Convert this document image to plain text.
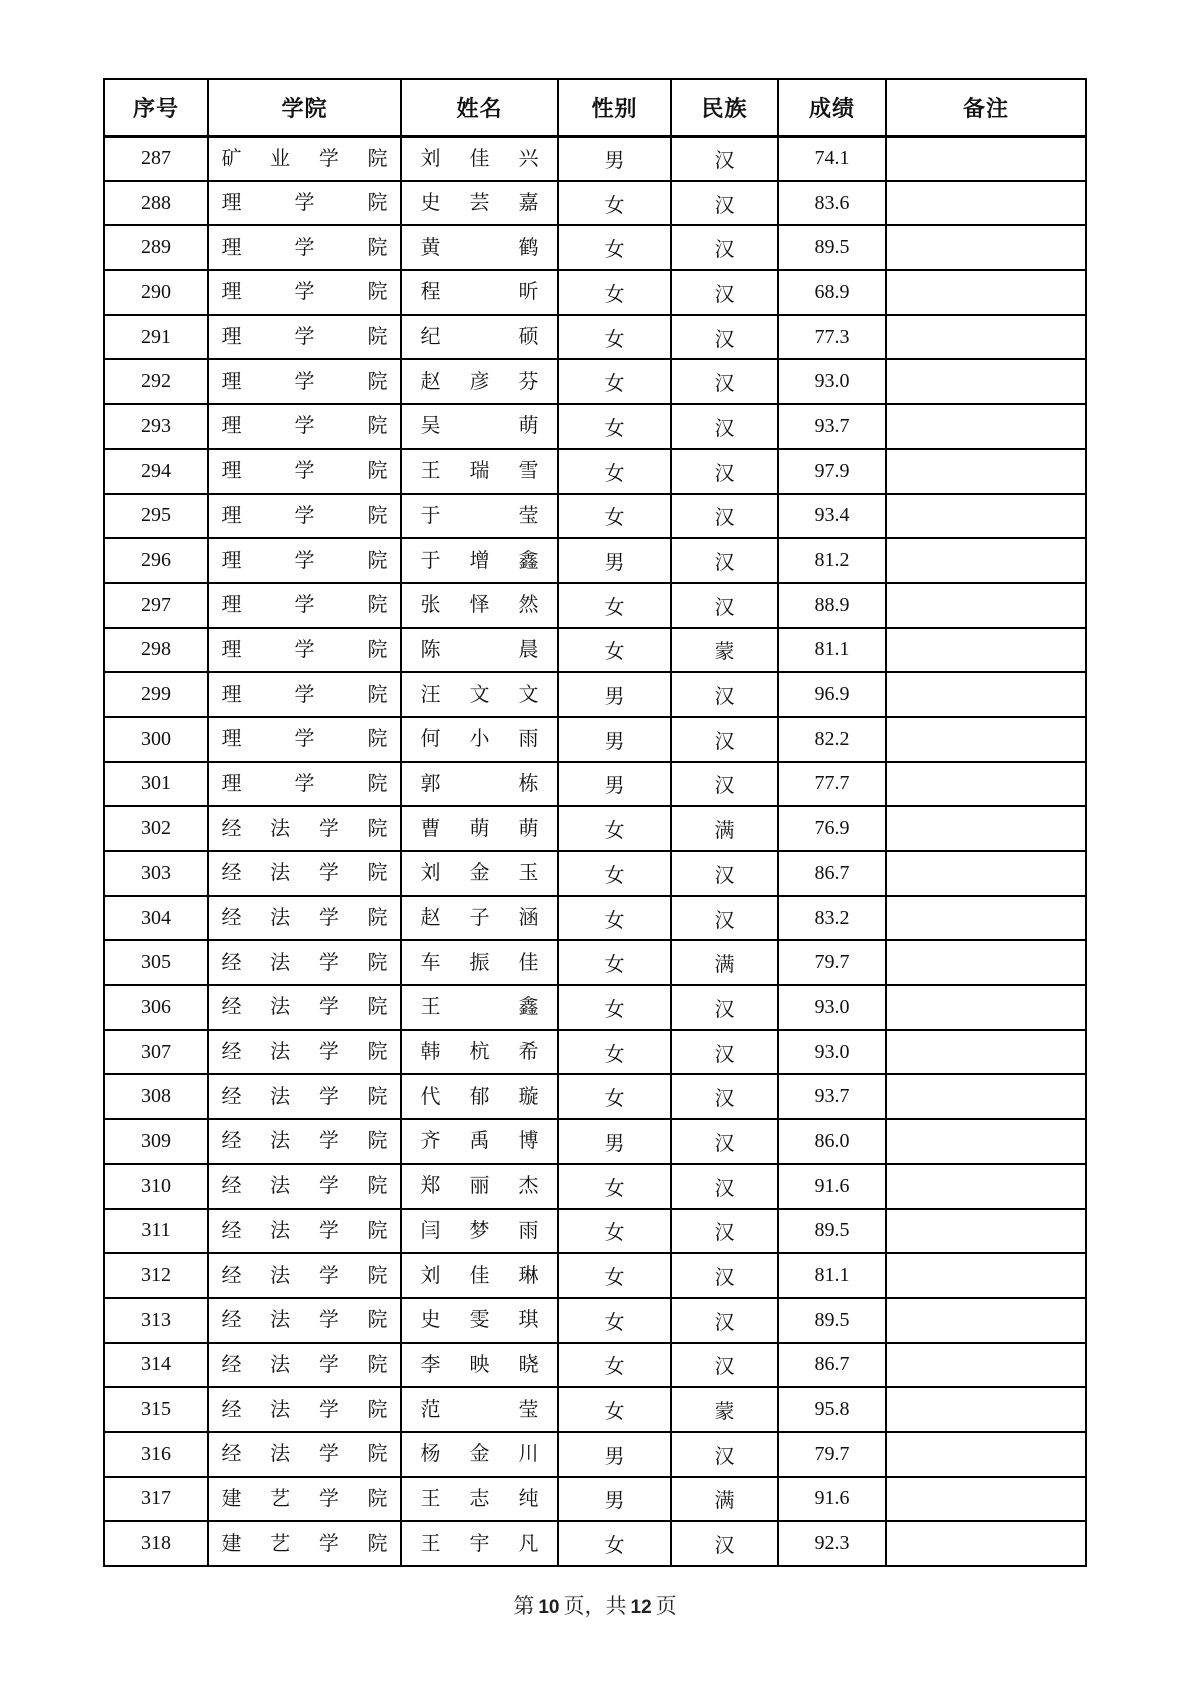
序号	学院	姓名	性别	民族	成绩	备注
287	矿 业 学 院	刘 佳 兴	男	汉	74.1	
288	理 学 院	史 芸 嘉	女	汉	83.6	
289	理 学 院	黄 鹤	女	汉	89.5	
290	理 学 院	程 昕	女	汉	68.9	
291	理 学 院	纪 硕	女	汉	77.3	
292	理 学 院	赵 彦 芬	女	汉	93.0	
293	理 学 院	吴 萌	女	汉	93.7	
294	理 学 院	王 瑞 雪	女	汉	97.9	
295	理 学 院	于 莹	女	汉	93.4	
296	理 学 院	于 增 鑫	男	汉	81.2	
297	理 学 院	张 怿 然	女	汉	88.9	
298	理 学 院	陈 晨	女	蒙	81.1	
299	理 学 院	汪 文 文	男	汉	96.9	
300	理 学 院	何 小 雨	男	汉	82.2	
301	理 学 院	郭 栋	男	汉	77.7	
302	经 法 学 院	曹 萌 萌	女	满	76.9	
303	经 法 学 院	刘 金 玉	女	汉	86.7	
304	经 法 学 院	赵 子 涵	女	汉	83.2	
305	经 法 学 院	车 振 佳	女	满	79.7	
306	经 法 学 院	王 鑫	女	汉	93.0	
307	经 法 学 院	韩 杭 希	女	汉	93.0	
308	经 法 学 院	代 郁 璇	女	汉	93.7	
309	经 法 学 院	齐 禹 博	男	汉	86.0	
310	经 法 学 院	郑 丽 杰	女	汉	91.6	
311	经 法 学 院	闫 梦 雨	女	汉	89.5	
312	经 法 学 院	刘 佳 琳	女	汉	81.1	
313	经 法 学 院	史 雯 琪	女	汉	89.5	
314	经 法 学 院	李 映 晓	女	汉	86.7	
315	经 法 学 院	范 莹	女	蒙	95.8	
316	经 法 学 院	杨 金 川	男	汉	79.7	
317	建 艺 学 院	王 志 纯	男	满	91.6	
318	建 艺 学 院	王 宇 凡	女	汉	92.3	
第 10 页，共 12 页
